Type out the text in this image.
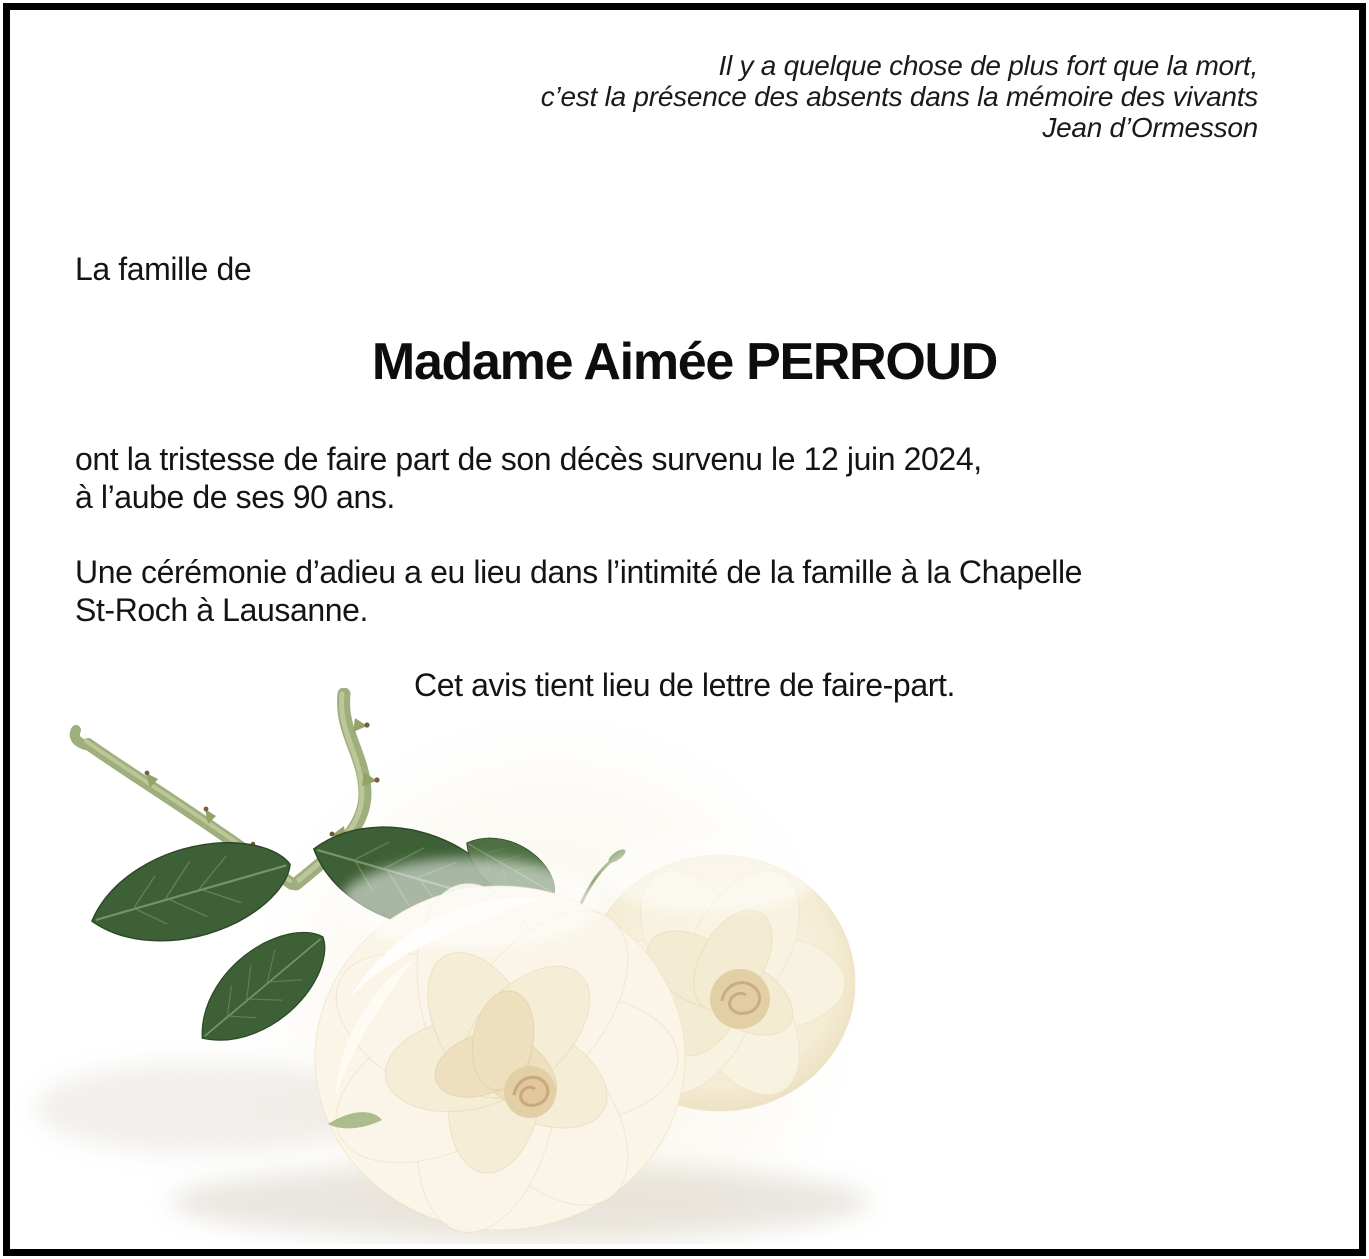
Il y a quelque chose de plus fort que la mort,
c’est la présence des absents dans la mémoire des vivants
Jean d’Ormesson
La famille de
Madame Aimée PERROUD
ont la tristesse de faire part de son décès survenu le 12 juin 2024,
à l’aube de ses 90 ans.
Une cérémonie d’adieu a eu lieu dans l’intimité de la famille à la Chapelle
St-Roch à Lausanne.
Cet avis tient lieu de lettre de faire-part.
